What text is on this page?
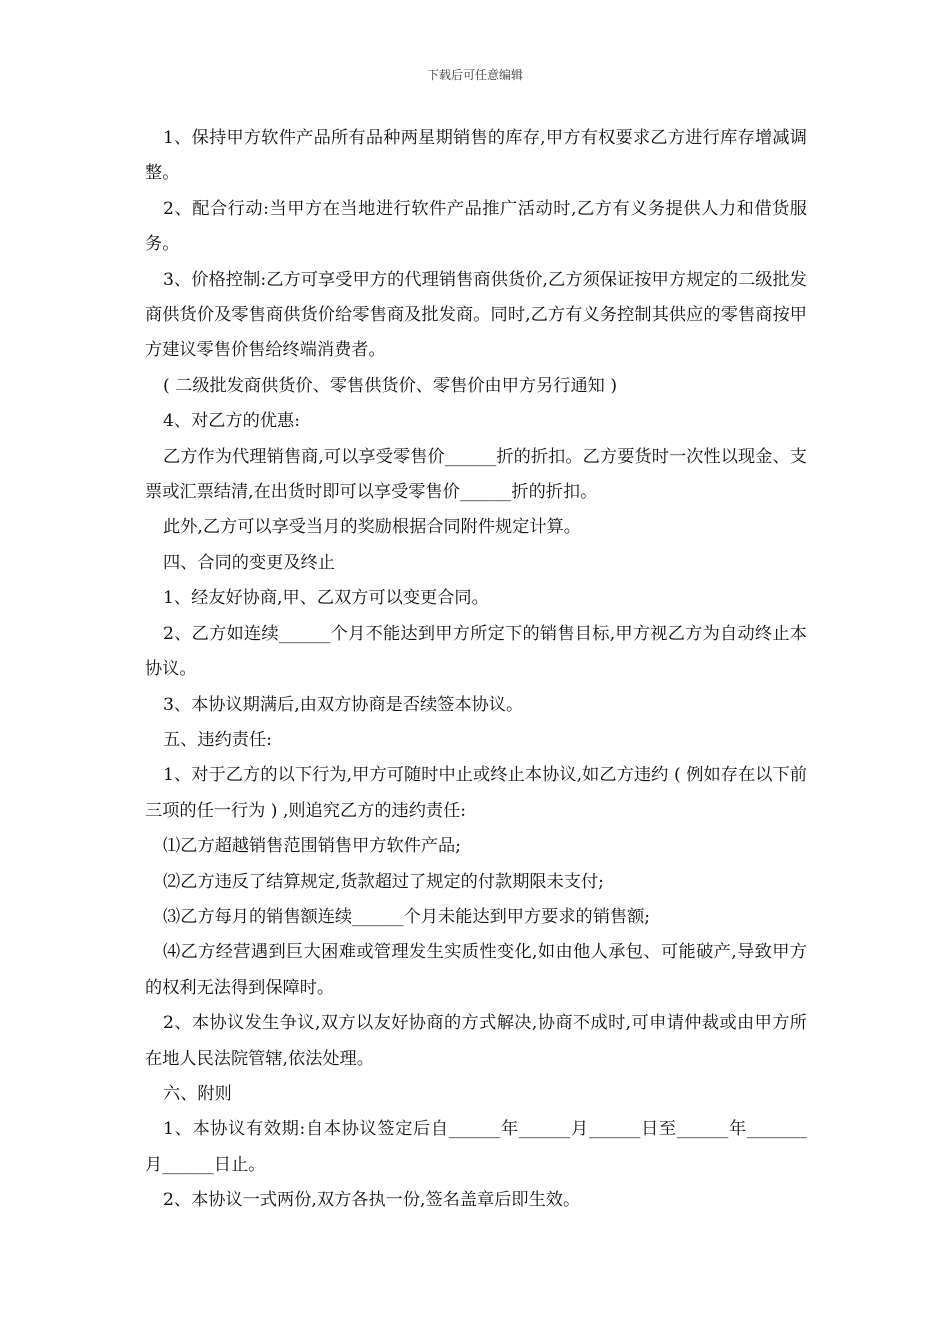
下载后可任意编辑

1、保持甲方软件产品所有品种两星期销售的库存,甲方有权要求乙方进行库存增减调整。

2、配合行动:当甲方在当地进行软件产品推广活动时,乙方有义务提供人力和借货服务。

3、价格控制:乙方可享受甲方的代理销售商供货价,乙方须保证按甲方规定的二级批发商供货价及零售商供货价给零售商及批发商。同时,乙方有义务控制其供应的零售商按甲方建议零售价售给终端消费者。

( 二级批发商供货价、零售供货价、零售价由甲方另行通知 )

4、对乙方的优惠:

乙方作为代理销售商,可以享受零售价______折的折扣。乙方要货时一次性以现金、支票或汇票结清,在出货时即可以享受零售价______折的折扣。

此外,乙方可以享受当月的奖励根据合同附件规定计算。

四、合同的变更及终止

1、经友好协商,甲、乙双方可以变更合同。

2、乙方如连续______个月不能达到甲方所定下的销售目标,甲方视乙方为自动终止本协议。

3、本协议期满后,由双方协商是否续签本协议。

五、违约责任:

1、对于乙方的以下行为,甲方可随时中止或终止本协议,如乙方违约 ( 例如存在以下前三项的任一行为 ) ,则追究乙方的违约责任:

⑴乙方超越销售范围销售甲方软件产品;

⑵乙方违反了结算规定,货款超过了规定的付款期限未支付;

⑶乙方每月的销售额连续______个月未能达到甲方要求的销售额;

⑷乙方经营遇到巨大困难或管理发生实质性变化,如由他人承包、可能破产,导致甲方的权利无法得到保障时。

2、本协议发生争议,双方以友好协商的方式解决,协商不成时,可申请仲裁或由甲方所在地人民法院管辖,依法处理。

六、附则

1、本协议有效期:自本协议签定后自______年______月______日至______年_______月______日止。

2、本协议一式两份,双方各执一份,签名盖章后即生效。
